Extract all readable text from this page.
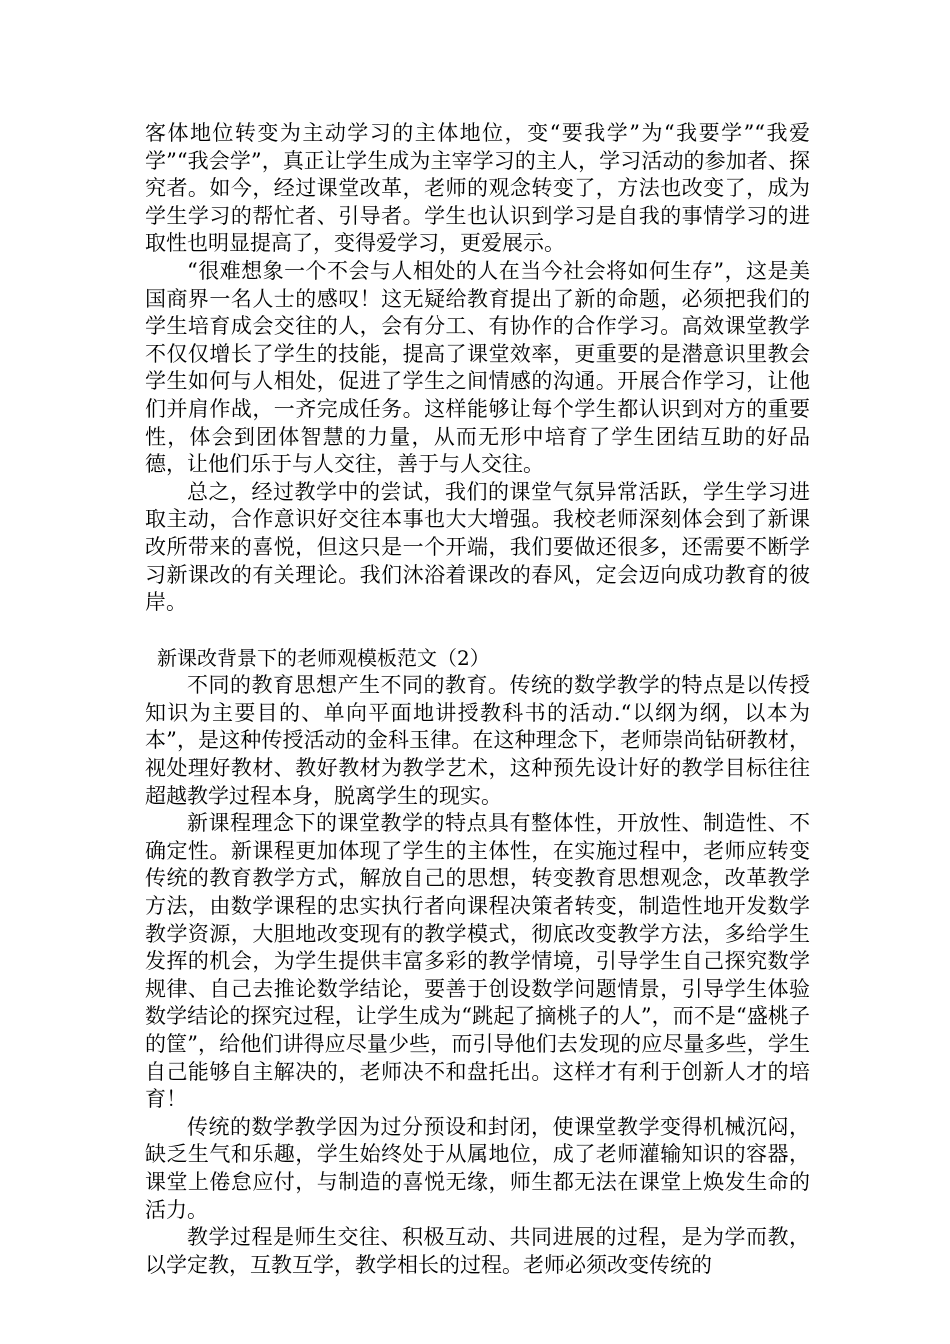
客体地位转变为主动学习的主体地位，变“要我学”为“我要学”“我爱学”“我会学”，真正让学生成为主宰学习的主人，学习活动的参加者、探究者。如今，经过课堂改革，老师的观念转变了，方法也改变了，成为学生学习的帮忙者、引导者。学生也认识到学习是自我的事情学习的进取性也明显提高了，变得爱学习，更爱展示。

“很难想象一个不会与人相处的人在当今社会将如何生存”，这是美国商界一名人士的感叹！这无疑给教育提出了新的命题，必须把我们的学生培育成会交往的人，会有分工、有协作的合作学习。高效课堂教学不仅仅增长了学生的技能，提高了课堂效率，更重要的是潜意识里教会学生如何与人相处，促进了学生之间情感的沟通。开展合作学习，让他们并肩作战，一齐完成任务。这样能够让每个学生都认识到对方的重要性，体会到团体智慧的力量，从而无形中培育了学生团结互助的好品德，让他们乐于与人交往，善于与人交往。

总之，经过教学中的尝试，我们的课堂气氛异常活跃，学生学习进取主动，合作意识好交往本事也大大增强。我校老师深刻体会到了新课改所带来的喜悦，但这只是一个开端，我们要做还很多，还需要不断学习新课改的有关理论。我们沐浴着课改的春风，定会迈向成功教育的彼岸。

新课改背景下的老师观模板范文（2）

不同的教育思想产生不同的教育。传统的数学教学的特点是以传授知识为主要目的、单向平面地讲授教科书的活动.“以纲为纲，以本为本”，是这种传授活动的金科玉律。在这种理念下，老师崇尚钻研教材，视处理好教材、教好教材为教学艺术，这种预先设计好的教学目标往往超越教学过程本身，脱离学生的现实。

新课程理念下的课堂教学的特点具有整体性，开放性、制造性、不确定性。新课程更加体现了学生的主体性，在实施过程中，老师应转变传统的教育教学方式，解放自己的思想，转变教育思想观念，改革教学方法，由数学课程的忠实执行者向课程决策者转变，制造性地开发数学教学资源，大胆地改变现有的教学模式，彻底改变教学方法，多给学生发挥的机会，为学生提供丰富多彩的教学情境，引导学生自己探究数学规律、自己去推论数学结论，要善于创设数学问题情景，引导学生体验数学结论的探究过程，让学生成为“跳起了摘桃子的人”，而不是“盛桃子的筐”，给他们讲得应尽量少些，而引导他们去发现的应尽量多些，学生自己能够自主解决的，老师决不和盘托出。这样才有利于创新人才的培育！

传统的数学教学因为过分预设和封闭，使课堂教学变得机械沉闷，缺乏生气和乐趣，学生始终处于从属地位，成了老师灌输知识的容器，课堂上倦怠应付，与制造的喜悦无缘，师生都无法在课堂上焕发生命的活力。

教学过程是师生交往、积极互动、共同进展的过程，是为学而教，以学定教，互教互学，教学相长的过程。老师必须改变传统的
